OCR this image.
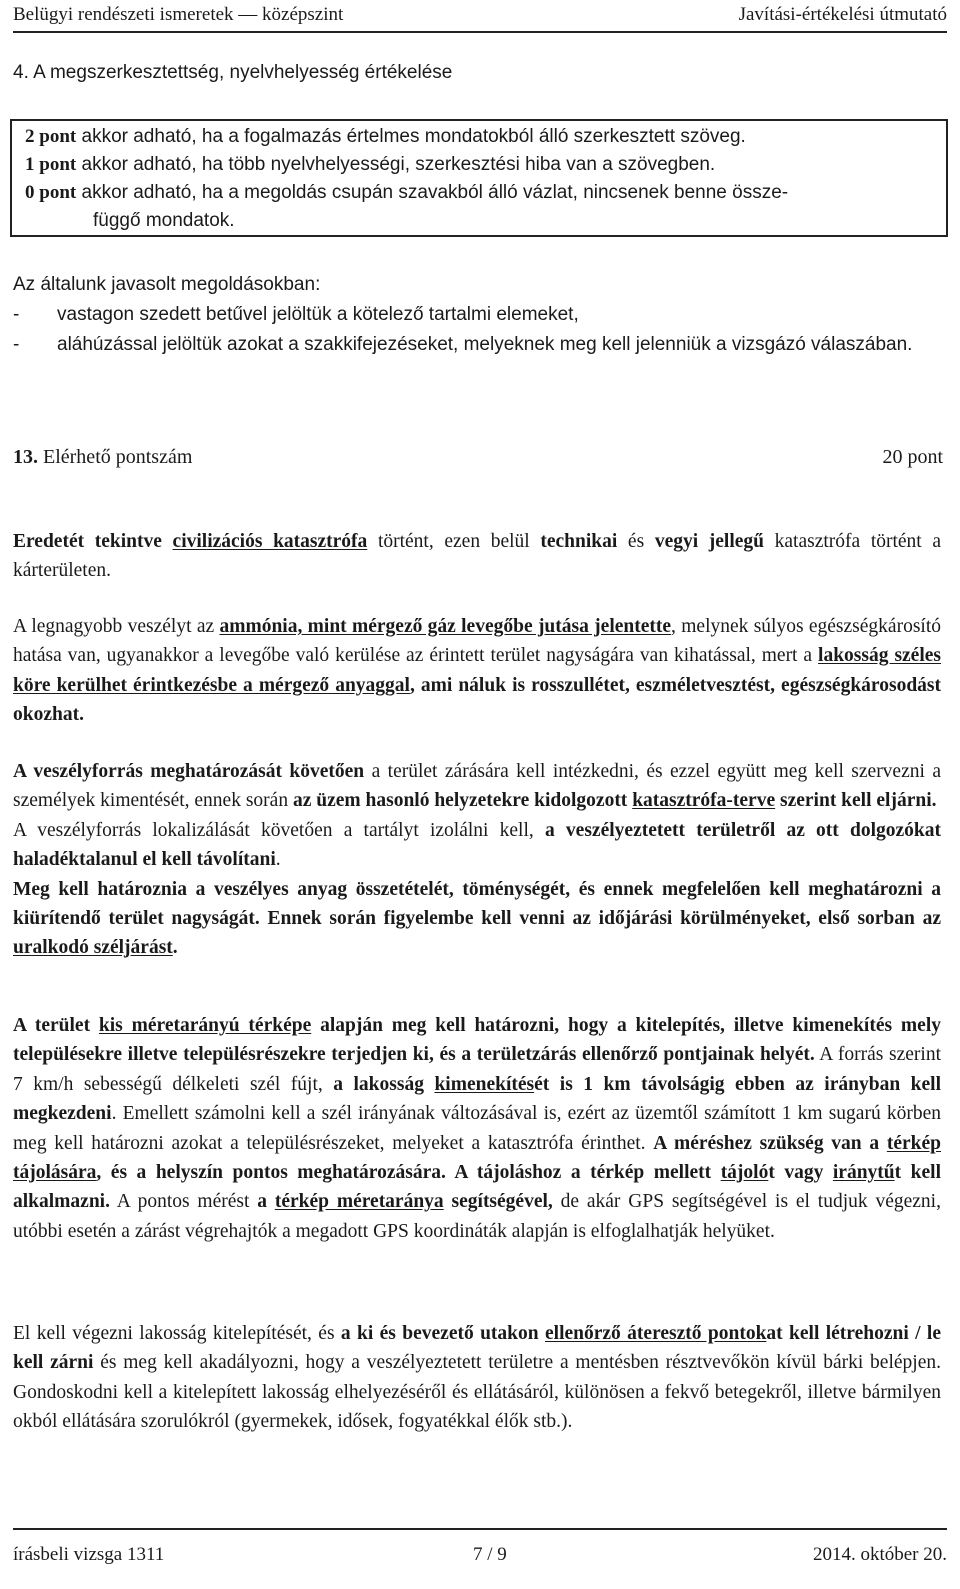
Belügyi rendészeti ismeretek — középszint	Javítási-értékelési útmutató
4. A megszerkesztettség, nyelvhelyesség értékelése

2 pont akkor adható, ha a fogalmazás értelmes mondatokból álló szerkesztett szöveg.

1 pont akkor adható, ha több nyelvhelyességi, szerkesztési hiba van a szövegben.

0 pont akkor adható, ha a megoldás csupán szavakból álló vázlat, nincsenek benne össze-

függő mondatok.

Az általunk javasolt megoldásokban:
- vastagon szedett betűvel jelöltük a kötelező tartalmi elemeket,
- aláhúzással jelöltük azokat a szakkifejezéseket, melyeknek meg kell jelenniük a vizsgázó válaszában.
13. Elérhető pontszám	20 pont

Eredetét tekintve civilizációs katasztrófa történt, ezen belül technikai és vegyi jellegű katasztrófa történt a kárterületen.

A legnagyobb veszélyt az ammónia, mint mérgező gáz levegőbe jutása jelentette, melynek súlyos egészségkárosító hatása van, ugyanakkor a levegőbe való kerülése az érintett terület nagyságára van kihatással, mert a lakosság széles köre kerülhet érintkezésbe a mérgező anyaggal, ami náluk is rosszullétet, eszméletvesztést, egészségkárosodást okozhat.

A veszélyforrás meghatározását követően a terület zárására kell intézkedni, és ezzel együtt meg kell szervezni a személyek kimentését, ennek során az üzem hasonló helyzetekre kidolgozott katasztrófa-terve szerint kell eljárni.

A veszélyforrás lokalizálását követően a tartályt izolálni kell, a veszélyeztetett területről az ott dolgozókat haladéktalanul el kell távolítani.

Meg kell határoznia a veszélyes anyag összetételét, töménységét, és ennek megfelelően kell meghatározni a kiürítendő terület nagyságát. Ennek során figyelembe kell venni az időjárási körülményeket, első sorban az uralkodó széljárást.

A terület kis méretarányú térképe alapján meg kell határozni, hogy a kitelepítés, illetve kimenekítés mely településekre illetve településrészekre terjedjen ki, és a területzárás ellenőrző pontjainak helyét. A forrás szerint 7 km/h sebességű délkeleti szél fújt, a lakosság kimenekítését is 1 km távolságig ebben az irányban kell megkezdeni. Emellett számolni kell a szél irányának változásával is, ezért az üzemtől számított 1 km sugarú körben meg kell határozni azokat a településrészeket, melyeket a katasztrófa érinthet. A méréshez szükség van a térkép tájolására, és a helyszín pontos meghatározására. A tájoláshoz a térkép mellett tájolót vagy iránytűt kell alkalmazni. A pontos mérést a térkép méretaránya segítségével, de akár GPS segítségével is el tudjuk végezni, utóbbi esetén a zárást végrehajtók a megadott GPS koordináták alapján is elfoglalhatják helyüket.

El kell végezni lakosság kitelepítését, és a ki és bevezető utakon ellenőrző áteresztő pontokat kell létrehozni / le kell zárni és meg kell akadályozni, hogy a veszélyeztetett területre a mentésben résztvevőkön kívül bárki belépjen. Gondoskodni kell a kitelepített lakosság elhelyezéséről és ellátásáról, különösen a fekvő betegekről, illetve bármilyen okból ellátására szorulókról (gyermekek, idősek, fogyatékkal élők stb.).

írásbeli vizsga 1311	7 / 9	2014. október 20.
